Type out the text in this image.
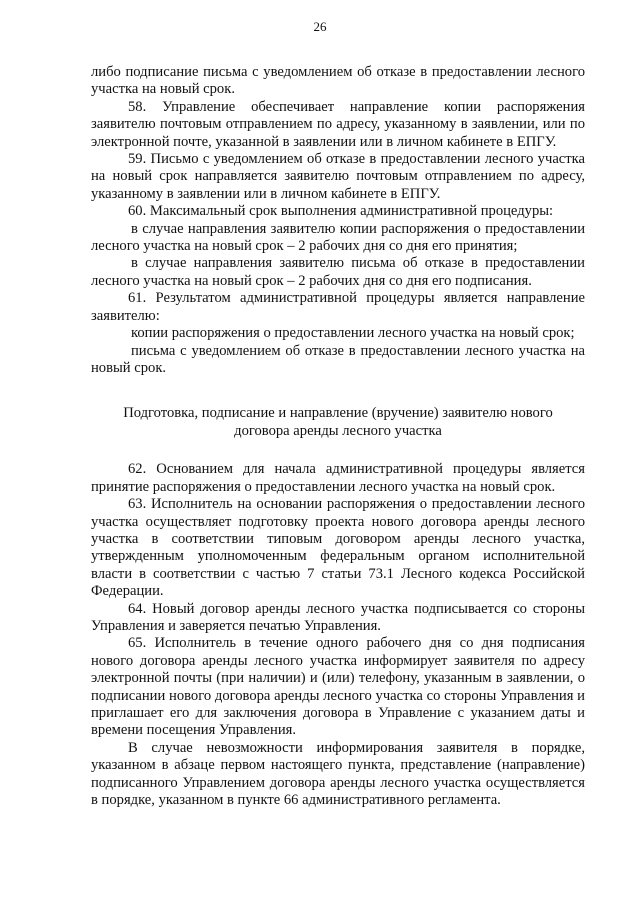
26

либо подписание письма с уведомлением об отказе в предоставлении лесного участка на новый срок.

58. Управление обеспечивает направление копии распоряжения заявителю почтовым отправлением по адресу, указанному в заявлении, или по электронной почте, указанной в заявлении или в личном кабинете в ЕПГУ.

59. Письмо с уведомлением об отказе в предоставлении лесного участка на новый срок направляется заявителю почтовым отправлением по адресу, указанному в заявлении или в личном кабинете в ЕПГУ.

60. Максимальный срок выполнения административной процедуры:

в случае направления заявителю копии распоряжения о предоставлении лесного участка на новый срок – 2 рабочих дня со дня его принятия;

в случае направления заявителю письма об отказе в предоставлении лесного участка на новый срок – 2 рабочих дня со дня его подписания.

61. Результатом административной процедуры является направление заявителю:

копии распоряжения о предоставлении лесного участка на новый срок;

письма с уведомлением об отказе в предоставлении лесного участка на новый срок.

Подготовка, подписание и направление (вручение) заявителю нового
договора аренды лесного участка

62. Основанием для начала административной процедуры является принятие распоряжения о предоставлении лесного участка на новый срок.

63. Исполнитель на основании распоряжения о предоставлении лесного участка осуществляет подготовку проекта нового договора аренды лесного участка в соответствии типовым договором аренды лесного участка, утвержденным уполномоченным федеральным органом исполнительной власти в соответствии с частью 7 статьи 73.1 Лесного кодекса Российской Федерации.

64. Новый договор аренды лесного участка подписывается со стороны Управления и заверяется печатью Управления.

65. Исполнитель в течение одного рабочего дня со дня подписания нового договора аренды лесного участка информирует заявителя по адресу электронной почты (при наличии) и (или) телефону, указанным в заявлении, о подписании нового договора аренды лесного участка со стороны Управления и приглашает его для заключения договора в Управление с указанием даты и времени посещения Управления.

В случае невозможности информирования заявителя в порядке, указанном в абзаце первом настоящего пункта, представление (направление) подписанного Управлением договора аренды лесного участка осуществляется в порядке, указанном в пункте 66 административного регламента.
